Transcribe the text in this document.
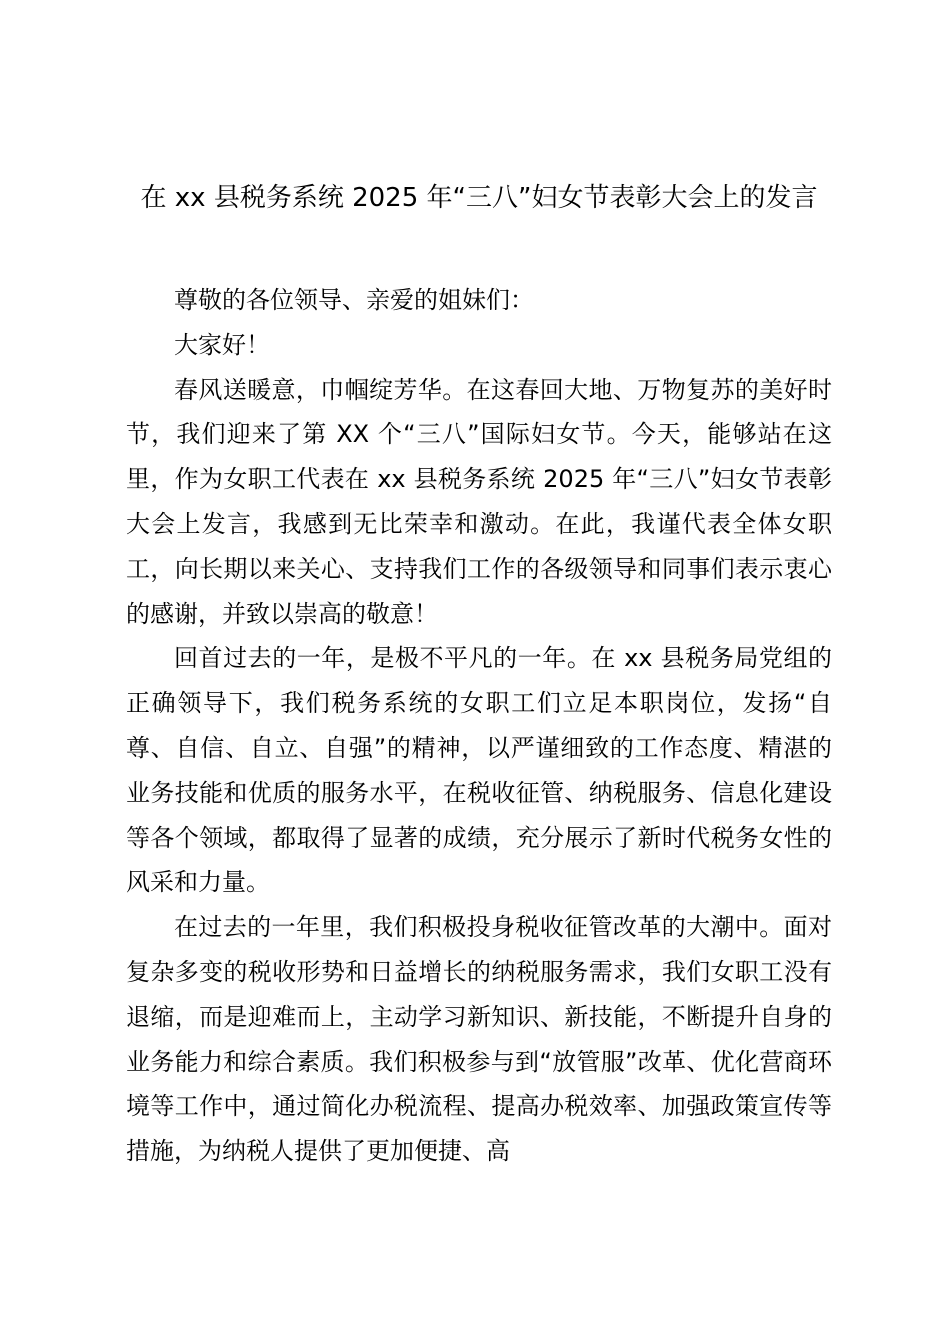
在 xx 县税务系统 2025 年“三八”妇女节表彰大会上的发言

尊敬的各位领导、亲爱的姐妹们：

大家好！

春风送暖意，巾帼绽芳华。在这春回大地、万物复苏的美好时节，我们迎来了第 XX 个“三八”国际妇女节。今天，能够站在这里，作为女职工代表在 xx 县税务系统 2025 年“三八”妇女节表彰大会上发言，我感到无比荣幸和激动。在此，我谨代表全体女职工，向长期以来关心、支持我们工作的各级领导和同事们表示衷心的感谢，并致以崇高的敬意！

回首过去的一年，是极不平凡的一年。在 xx 县税务局党组的正确领导下，我们税务系统的女职工们立足本职岗位，发扬“自尊、自信、自立、自强”的精神，以严谨细致的工作态度、精湛的业务技能和优质的服务水平，在税收征管、纳税服务、信息化建设等各个领域，都取得了显著的成绩，充分展示了新时代税务女性的风采和力量。

在过去的一年里，我们积极投身税收征管改革的大潮中。面对复杂多变的税收形势和日益增长的纳税服务需求，我们女职工没有退缩，而是迎难而上，主动学习新知识、新技能，不断提升自身的业务能力和综合素质。我们积极参与到“放管服”改革、优化营商环境等工作中，通过简化办税流程、提高办税效率、加强政策宣传等措施，为纳税人提供了更加便捷、高
